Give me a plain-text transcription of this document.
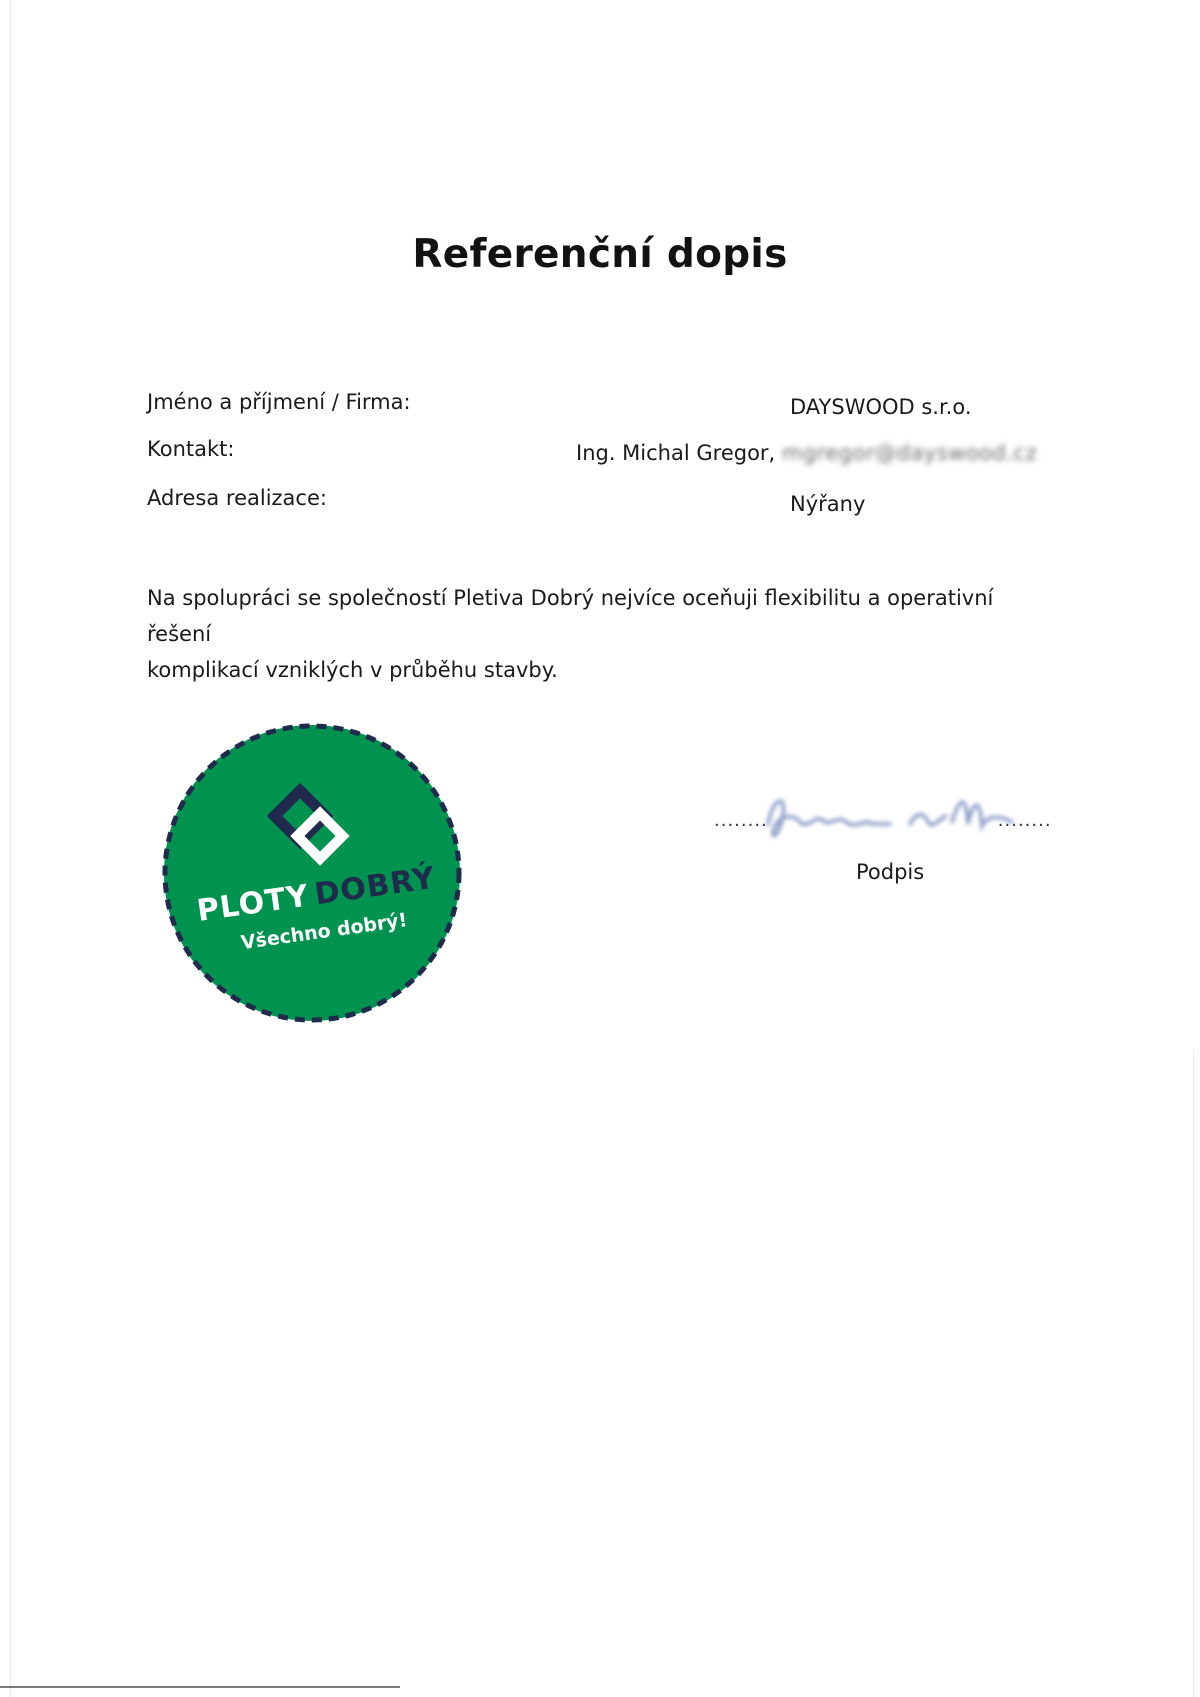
Referenční dopis
Jméno a příjmení / Firma:	DAYSWOOD s.r.o.
Kontakt:	Ing. Michal Gregor, mgregor@dayswood.cz
Adresa realizace:	Nýřany
Na spolupráci se společností Pletiva Dobrý nejvíce oceňuji flexibilitu a operativní řešení
komplikací vzniklých v průběhu stavby.
PLOTY DOBRÝ
Všechno dobrý!
........	........
Podpis
